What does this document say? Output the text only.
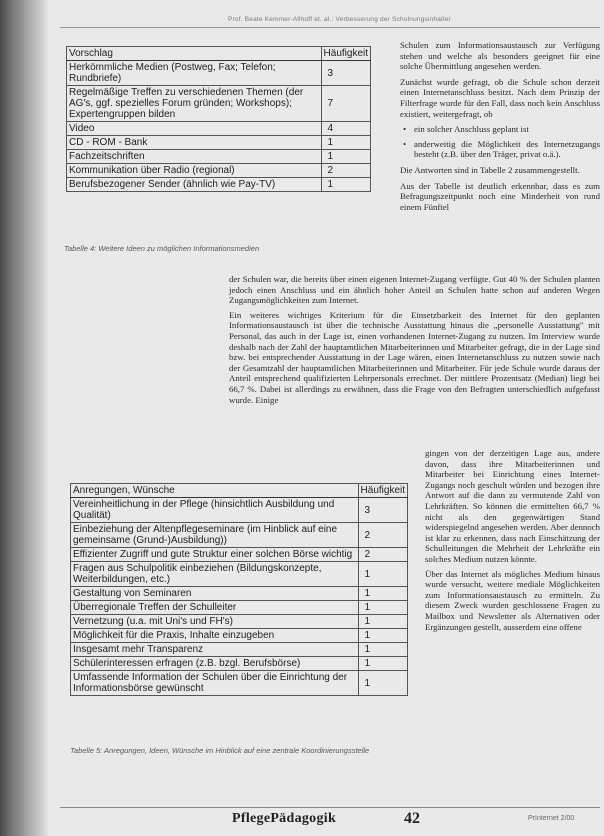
Prof. Beate Kemmer-Allhoff et. al.: Verbesserung der Schulnungsinhalter
Vorschlag	Häufigkeit
Herkömmliche Medien (Postweg, Fax; Telefon; Rundbriefe)	3
Regelmäßige Treffen zu verschiedenen Themen (der AG's, ggf. spezielles Forum gründen; Workshops); Expertengruppen bilden	7
Video	4
CD - ROM - Bank	1
Fachzeitschriften	1
Kommunikation über Radio (regional)	2
Berufsbezogener Sender (ähnlich wie Pay-TV)	1
Tabelle 4: Weitere Ideen zu möglichen Informationsmedien

Schulen zum Informationsaustausch zur Verfügung stehen und welche als besonders geeignet für eine solche Übermittlung angesehen werden.

Zunächst wurde gefragt, ob die Schule schon derzeit einen Internetanschluss besitzt. Nach dem Prinzip der Filterfrage wurde für den Fall, dass noch kein Anschluss existiert, weitergefragt, ob

• ein solcher Anschluss geplant ist
• anderweitig die Möglichkeit des Internetzugangs besteht (z.B. über den Träger, privat o.ä.).

Die Antworten sind in Tabelle 2 zusammengestellt.

Aus der Tabelle ist deutlich erkennbar, dass es zum Befragungszeitpunkt noch eine Minderheit von rund einem Fünftel

der Schulen war, die bereits über einen eigenen Internet-Zugang verfügte. Gut 40 % der Schulen planten jedoch einen Anschluss und ein ähnlich hoher Anteil an Schulen hatte schon auf anderen Wegen Zugangsmöglichkeiten zum Internet.

Ein weiteres wichtiges Kriterium für die Einsetzbarkeit des Internet für den geplanten Informationsaustausch ist über die technische Ausstattung hinaus die „personelle Ausstattung" mit Personal, das auch in der Lage ist, einen vorhandenen Internet-Zugang zu nutzen. Im Interview wurde deshalb nach der Zahl der hauptamtlichen Mitarbeiterinnen und Mitarbeiter gefragt, die in der Lage sind bzw. bei entsprechender Ausstattung in der Lage wären, einen Internetanschluss zu nutzen sowie nach der Gesamtzahl der hauptamtlichen Mitarbeiterinnen und Mitarbeiter. Für jede Schule wurde daraus der Anteil entsprechend qualifizierten Lehrpersonals errechnet. Der mittlere Prozentsatz (Median) liegt bei 66,7 %. Dabei ist allerdings zu erwähnen, dass die Frage von den Befragten unterschiedlich aufgefasst wurde. Einige

Anregungen, Wünsche	Häufigkeit
Vereinheitlichung in der Pflege (hinsichtlich Ausbildung und Qualität)	3
Einbeziehung der Altenpflegeseminare (im Hinblick auf eine gemeinsame (Grund-)Ausbildung))	2
Effizienter Zugriff und gute Struktur einer solchen Börse wichtig	2
Fragen aus Schulpolitik einbeziehen (Bildungskonzepte, Weiterbildungen, etc.)	1
Gestaltung von Seminaren	1
Überregionale Treffen der Schulleiter	1
Vernetzung (u.a. mit Uni's und FH's)	1
Möglichkeit für die Praxis, Inhalte einzugeben	1
Insgesamt mehr Transparenz	1
Schülerinteressen erfragen (z.B. bzgl. Berufsbörse)	1
Umfassende Information der Schulen über die Einrichtung der Informationsbörse gewünscht	1
Tabelle 5: Anregungen, Ideen, Wünsche im Hinblick auf eine zentrale Koordinierungsstelle

gingen von der derzeitigen Lage aus, andere davon, dass ihre Mitarbeiterinnen und Mitarbeiter bei Einrichtung eines Internet-Zugangs noch geschult würden und bezogen ihre Antwort auf die dann zu vermutende Zahl von Lehrkräften. So können die ermittelten 66,7 % nicht als den gegenwärtigen Stand widerspiegelnd angesehen werden. Aber dennoch ist klar zu erkennen, dass nach Einschätzung der Schulleitungen die Mehrheit der Lehrkräfte ein solches Medium nutzen könnte.

Über das Internet als mögliches Medium hinaus wurde versucht, weitere mediale Möglichkeiten zum Informationsaustausch zu ermitteln. Zu diesem Zweck wurden geschlossene Fragen zu Mailbox und Newsletter als Alternativen oder Ergänzungen gestellt, ausserdem eine offene

PflegePädagogik	42	PrInternet 2/00
